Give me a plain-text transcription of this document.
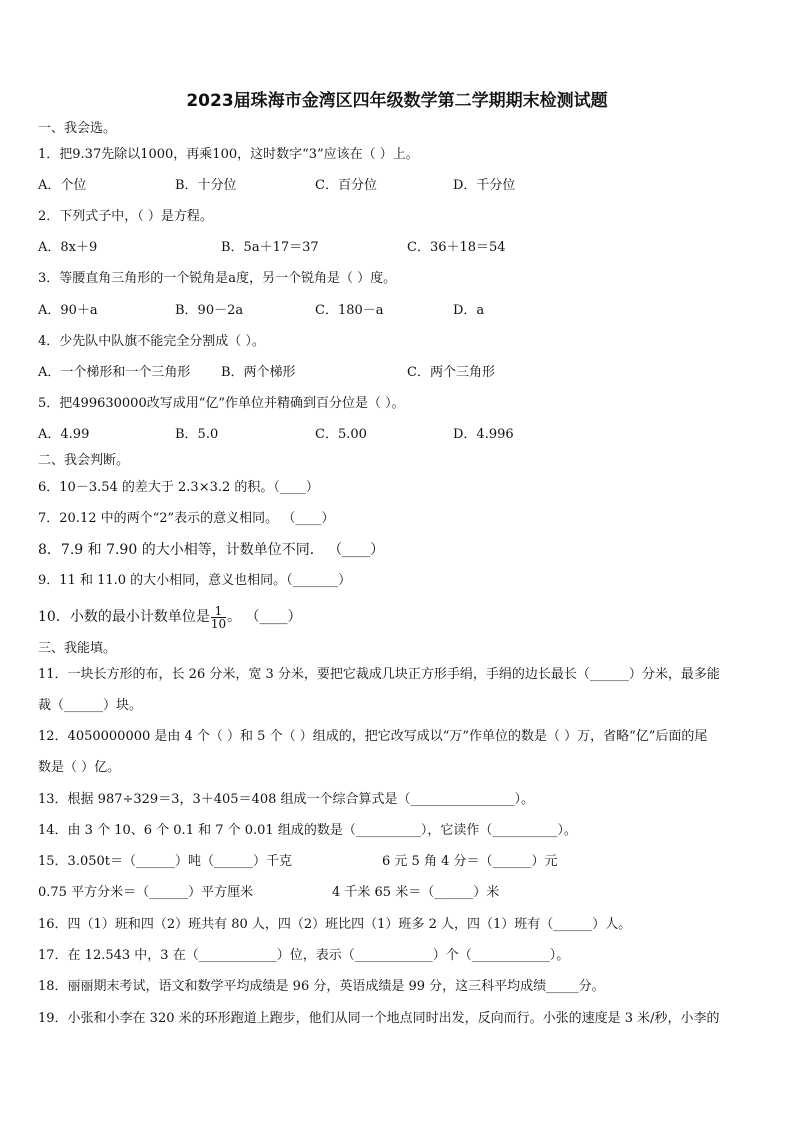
2023届珠海市金湾区四年级数学第二学期期末检测试题
一、我会选。
1．把9.37先除以1000，再乘100，这时数字“3”应该在（ ）上。
A．个位	B．十分位	C．百分位	D．千分位
2．下列式子中，（ ）是方程。
A．8x＋9	B．5a＋17＝37	C．36＋18＝54
3．等腰直角三角形的一个锐角是a度，另一个锐角是（ ）度。
A．90＋a	B．90－2a	C．180－a	D．a
4．少先队中队旗不能完全分割成（ ）。
A．一个梯形和一个三角形 B．两个梯形	C．两个三角形
5．把499630000改写成用“亿”作单位并精确到百分位是（ ）。
A．4.99	B．5.0	C．5.00	D．4.996
二、我会判断。
6．10－3.54 的差大于 2.3×3.2 的积。（____）
7．20.12 中的两个“2”表示的意义相同。 （____）
8．7.9 和 7.90 的大小相等，计数单位不同． （____）
9．11 和 11.0 的大小相同，意义也相同。（_______）
10．小数的最小计数单位是 $\frac{1}{10}$ 。 （____）
三、我能填。
11．一块长方形的布，长 26 分米，宽 3 分米，要把它裁成几块正方形手绢，手绢的边长最长（______）分米，最多能
裁（______）块。
12．4050000000 是由 4 个（ ）和 5 个（ ）组成的，把它改写成以“万”作单位的数是（ ）万，省略“亿”后面的尾
数是（ ）亿。
13．根据 987÷329＝3，3＋405＝408 组成一个综合算式是（________________）。
14．由 3 个 10、6 个 0.1 和 7 个 0.01 组成的数是（__________），它读作（__________）。
15．3.050t＝（______）吨（______）千克	6 元 5 角 4 分＝（______）元
0.75 平方分米＝（______）平方厘米	4 千米 65 米＝（______）米
16．四（1）班和四（2）班共有 80 人，四（2）班比四（1）班多 2 人，四（1）班有（______）人。
17．在 12.543 中，3 在（____________）位，表示（____________）个（____________）。
18．丽丽期末考试，语文和数学平均成绩是 96 分，英语成绩是 99 分，这三科平均成绩_____分。
19．小张和小李在 320 米的环形跑道上跑步，他们从同一个地点同时出发，反向而行。小张的速度是 3 米/秒，小李的
